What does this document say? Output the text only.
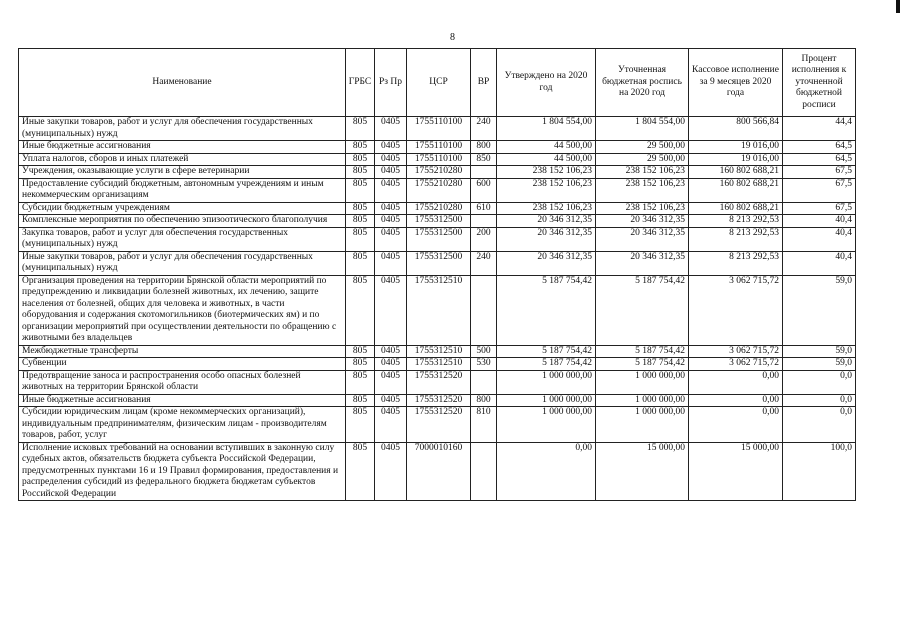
8
Наименование	ГРБС	Рз Пр	ЦСР	ВР	Утверждено на 2020 год	Уточненная бюджетная роспись на 2020 год	Кассовое исполнение за 9 месяцев 2020 года	Процент исполнения к уточненной бюджетной росписи
Иные закупки товаров, работ и услуг для обеспечения государственных (муниципальных) нужд	805	0405	1755110100	240	1 804 554,00	1 804 554,00	800 566,84	44,4
Иные бюджетные ассигнования	805	0405	1755110100	800	44 500,00	29 500,00	19 016,00	64,5
Уплата налогов, сборов и иных платежей	805	0405	1755110100	850	44 500,00	29 500,00	19 016,00	64,5
Учреждения, оказывающие услуги в сфере ветеринарии	805	0405	1755210280		238 152 106,23	238 152 106,23	160 802 688,21	67,5
Предоставление субсидий бюджетным, автономным учреждениям и иным некоммерческим организациям	805	0405	1755210280	600	238 152 106,23	238 152 106,23	160 802 688,21	67,5
Субсидии бюджетным учреждениям	805	0405	1755210280	610	238 152 106,23	238 152 106,23	160 802 688,21	67,5
Комплексные мероприятия по обеспечению эпизоотического благополучия	805	0405	1755312500		20 346 312,35	20 346 312,35	8 213 292,53	40,4
Закупка товаров, работ и услуг для обеспечения государственных (муниципальных) нужд	805	0405	1755312500	200	20 346 312,35	20 346 312,35	8 213 292,53	40,4
Иные закупки товаров, работ и услуг для обеспечения государственных (муниципальных) нужд	805	0405	1755312500	240	20 346 312,35	20 346 312,35	8 213 292,53	40,4
Организация проведения на территории Брянской области мероприятий по предупреждению и ликвидации болезней животных, их лечению, защите населения от болезней, общих для человека и животных, в части оборудования и содержания скотомогильников (биотермических ям) и по организации мероприятий при осуществлении деятельности по обращению с животными без владельцев	805	0405	1755312510		5 187 754,42	5 187 754,42	3 062 715,72	59,0
Межбюджетные трансферты	805	0405	1755312510	500	5 187 754,42	5 187 754,42	3 062 715,72	59,0
Субвенции	805	0405	1755312510	530	5 187 754,42	5 187 754,42	3 062 715,72	59,0
Предотвращение заноса и распространения особо опасных болезней животных на территории Брянской области	805	0405	1755312520		1 000 000,00	1 000 000,00	0,00	0,0
Иные бюджетные ассигнования	805	0405	1755312520	800	1 000 000,00	1 000 000,00	0,00	0,0
Субсидии юридическим лицам (кроме некоммерческих организаций), индивидуальным предпринимателям, физическим лицам - производителям товаров, работ, услуг	805	0405	1755312520	810	1 000 000,00	1 000 000,00	0,00	0,0
Исполнение исковых требований на основании вступивших в законную силу судебных актов, обязательств бюджета субъекта Российской Федерации, предусмотренных пунктами 16 и 19 Правил формирования, предоставления и распределения субсидий из федерального бюджета бюджетам субъектов Российской Федерации	805	0405	7000010160		0,00	15 000,00	15 000,00	100,0
